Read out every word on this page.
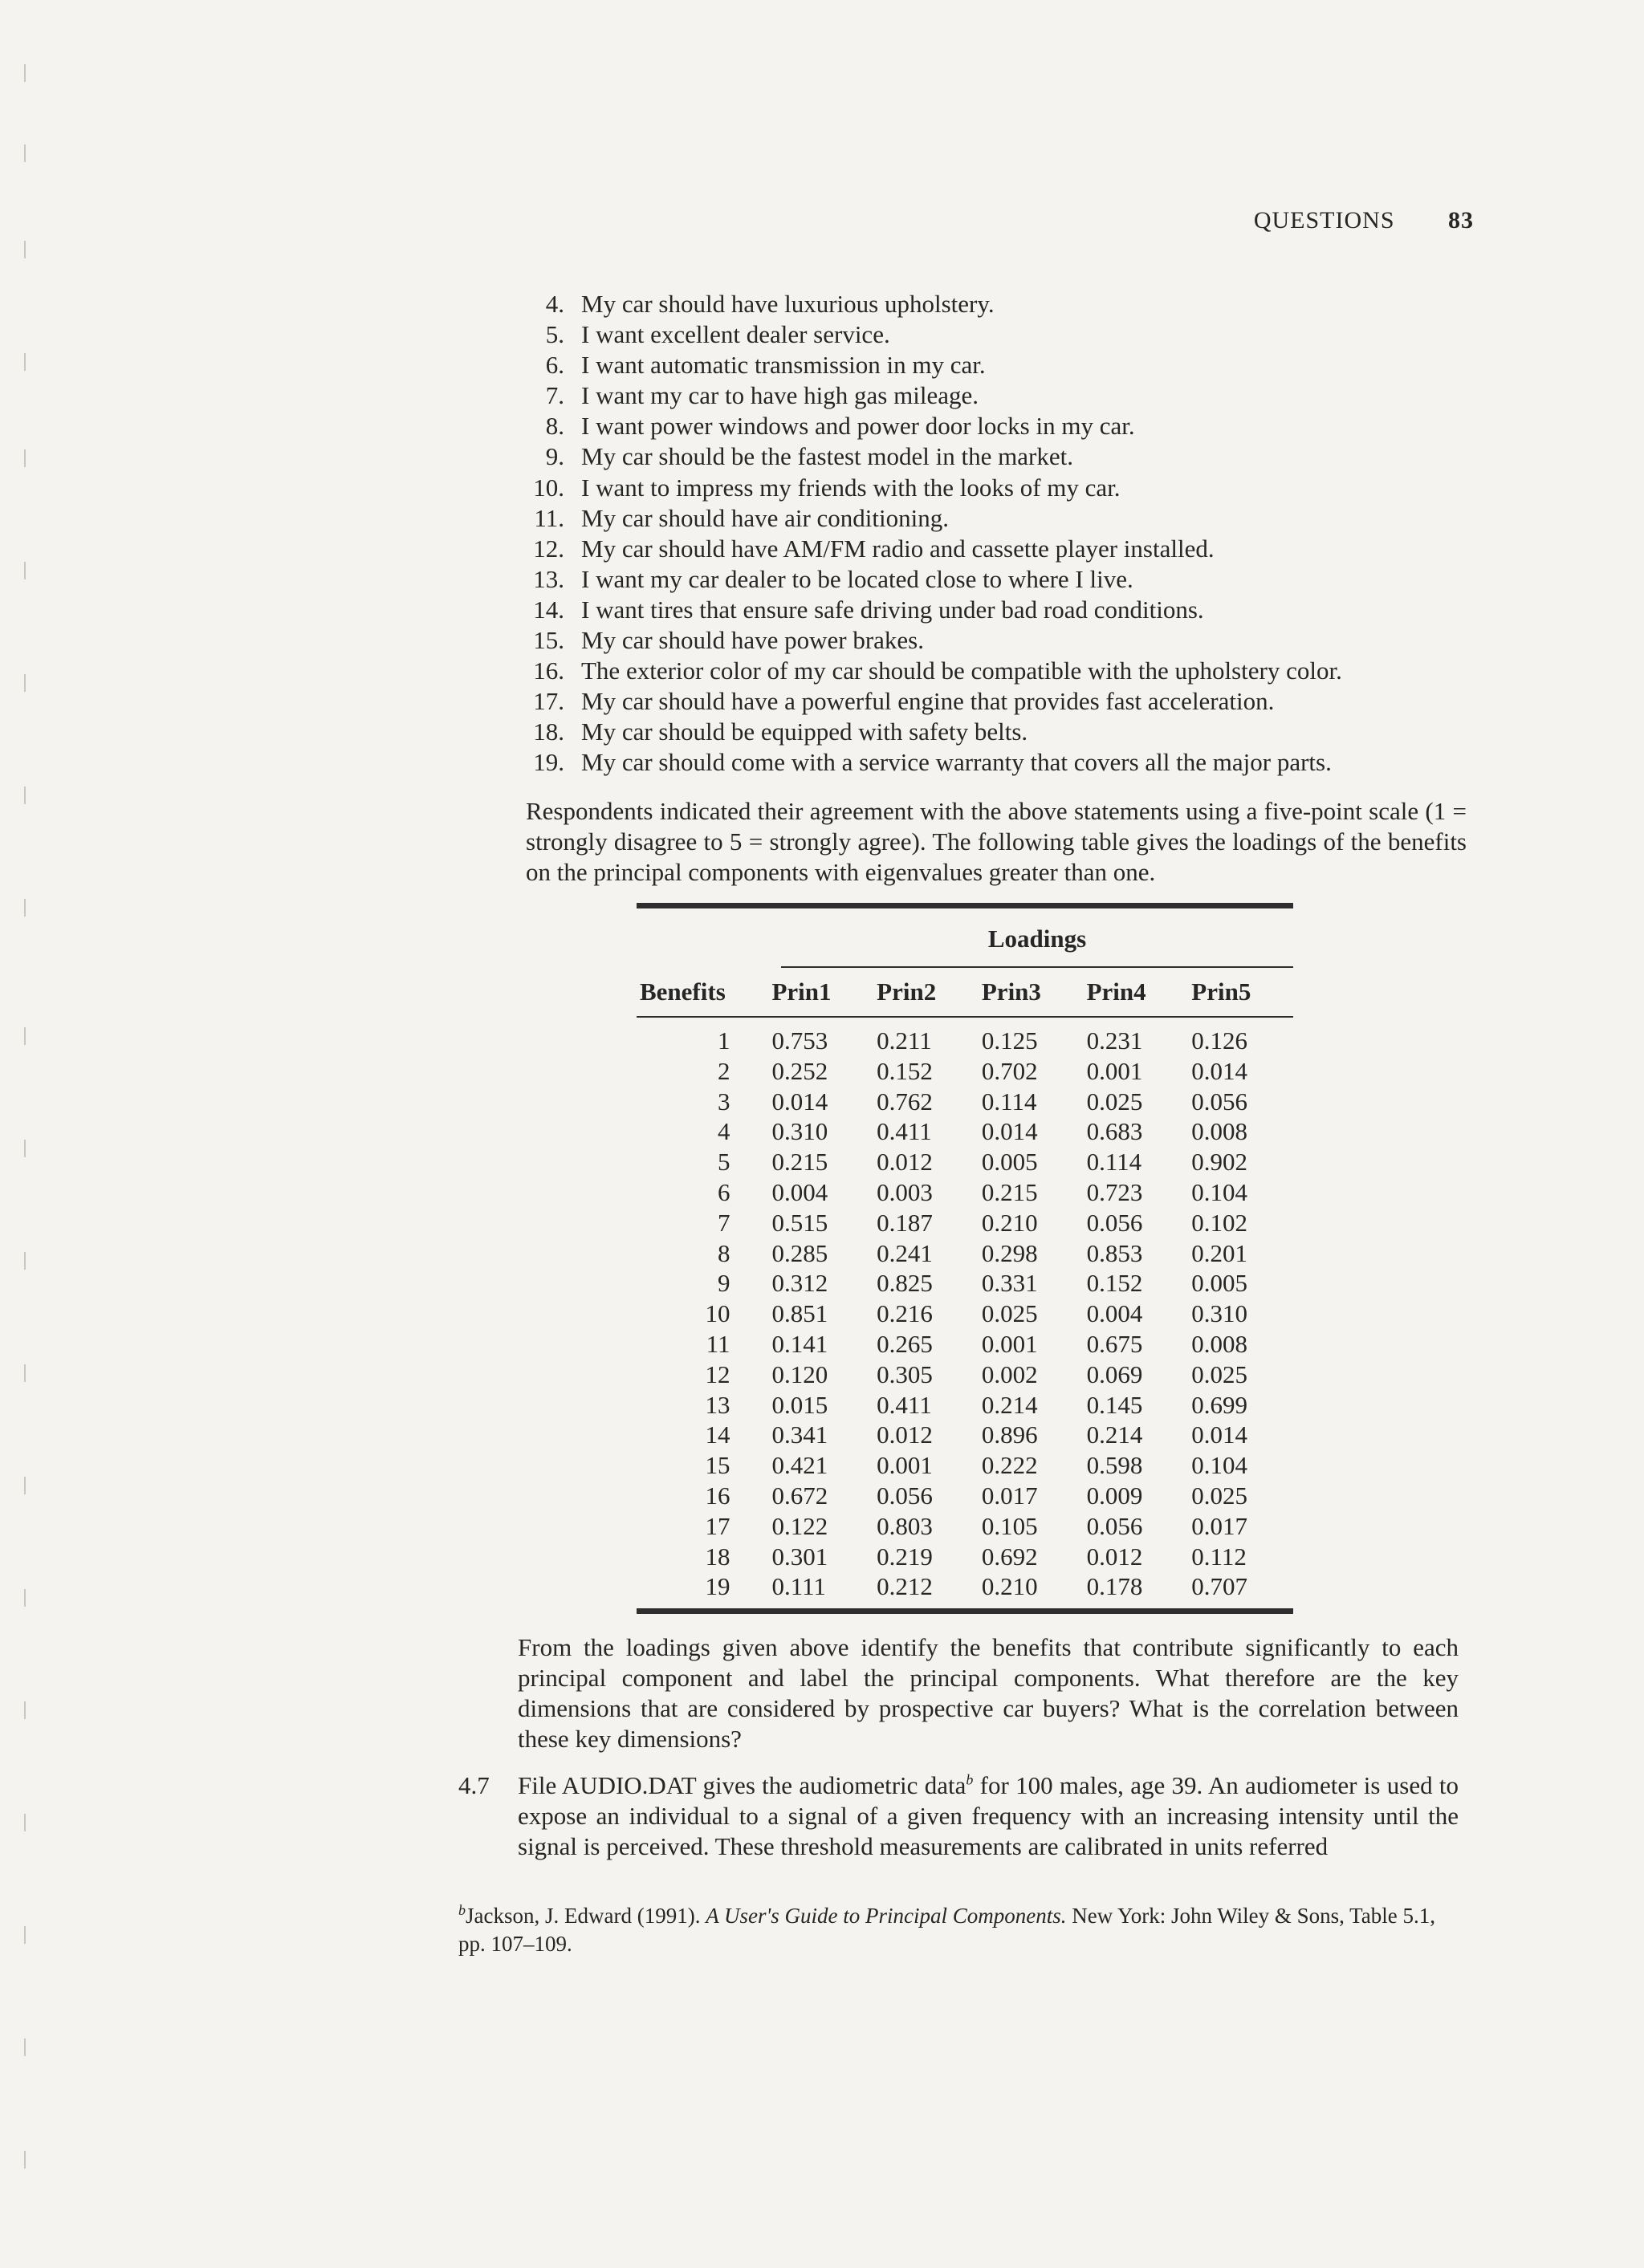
QUESTIONS 83
4. My car should have luxurious upholstery.
5. I want excellent dealer service.
6. I want automatic transmission in my car.
7. I want my car to have high gas mileage.
8. I want power windows and power door locks in my car.
9. My car should be the fastest model in the market.
10. I want to impress my friends with the looks of my car.
11. My car should have air conditioning.
12. My car should have AM/FM radio and cassette player installed.
13. I want my car dealer to be located close to where I live.
14. I want tires that ensure safe driving under bad road conditions.
15. My car should have power brakes.
16. The exterior color of my car should be compatible with the upholstery color.
17. My car should have a powerful engine that provides fast acceleration.
18. My car should be equipped with safety belts.
19. My car should come with a service warranty that covers all the major parts.
Respondents indicated their agreement with the above statements using a five-point scale (1 = strongly disagree to 5 = strongly agree). The following table gives the loadings of the benefits on the principal components with eigenvalues greater than one.
Loadings
Benefits	Prin1	Prin2	Prin3	Prin4	Prin5
1	0.753	0.211	0.125	0.231	0.126
2	0.252	0.152	0.702	0.001	0.014
3	0.014	0.762	0.114	0.025	0.056
4	0.310	0.411	0.014	0.683	0.008
5	0.215	0.012	0.005	0.114	0.902
6	0.004	0.003	0.215	0.723	0.104
7	0.515	0.187	0.210	0.056	0.102
8	0.285	0.241	0.298	0.853	0.201
9	0.312	0.825	0.331	0.152	0.005
10	0.851	0.216	0.025	0.004	0.310
11	0.141	0.265	0.001	0.675	0.008
12	0.120	0.305	0.002	0.069	0.025
13	0.015	0.411	0.214	0.145	0.699
14	0.341	0.012	0.896	0.214	0.014
15	0.421	0.001	0.222	0.598	0.104
16	0.672	0.056	0.017	0.009	0.025
17	0.122	0.803	0.105	0.056	0.017
18	0.301	0.219	0.692	0.012	0.112
19	0.111	0.212	0.210	0.178	0.707
From the loadings given above identify the benefits that contribute significantly to each principal component and label the principal components. What therefore are the key dimensions that are considered by prospective car buyers? What is the correlation between these key dimensions?
4.7	File AUDIO.DAT gives the audiometric data$^b$ for 100 males, age 39. An audiometer is used to expose an individual to a signal of a given frequency with an increasing intensity until the signal is perceived. These threshold measurements are calibrated in units referred
$^b$Jackson, J. Edward (1991). A User's Guide to Principal Components. New York: John Wiley & Sons, Table 5.1, pp. 107–109.
